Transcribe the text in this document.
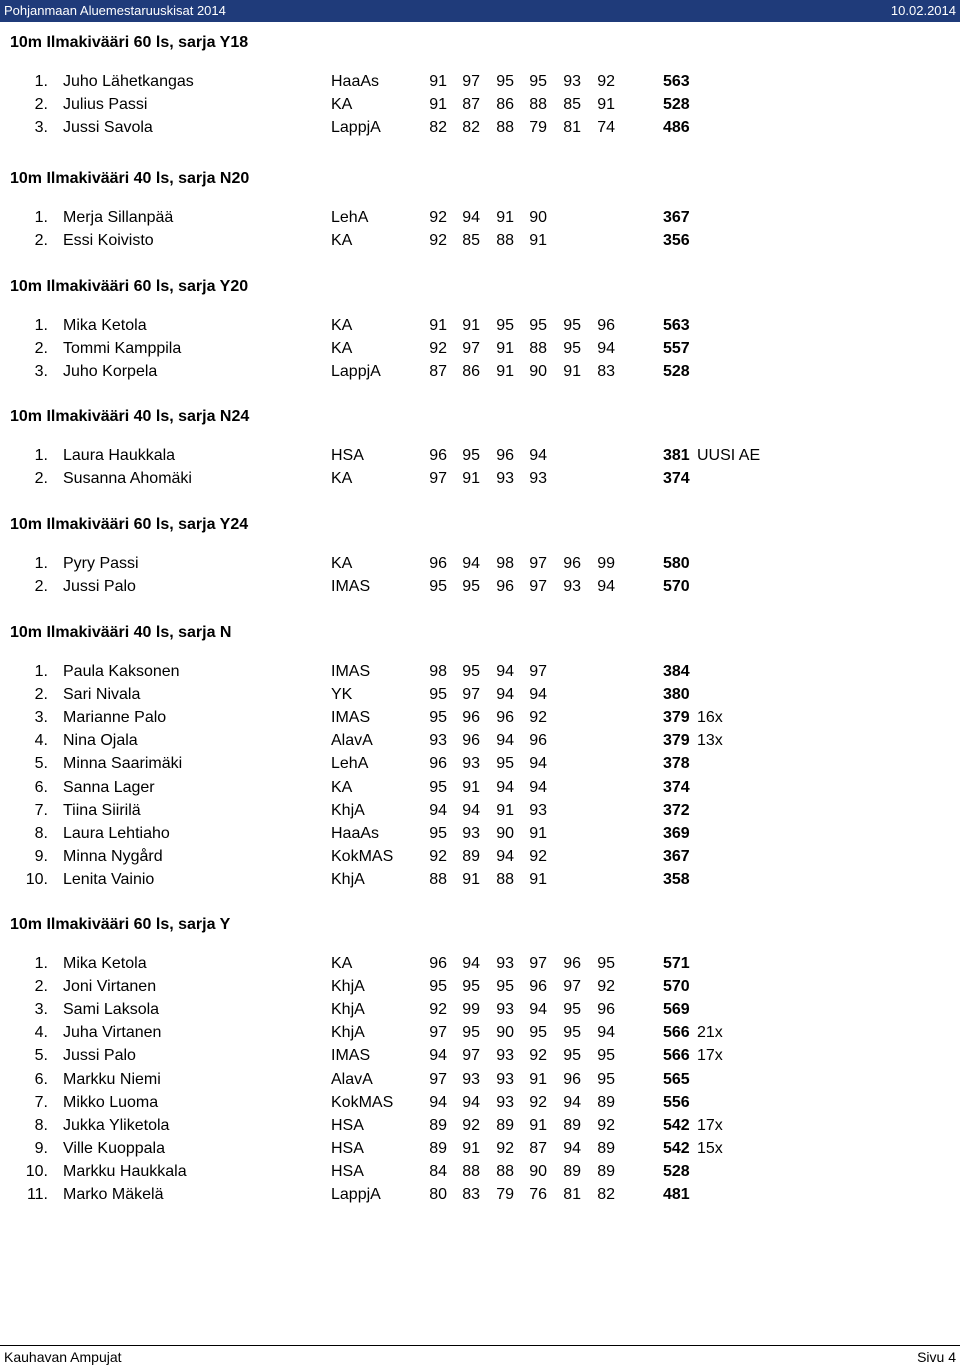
Pohjanmaan Aluemestaruuskisat 2014	10.02.2014
10m Ilmakivääri 60 ls, sarja Y18
1. Juho Lähetkangas	HaaAs	91 97 95 95 93 92	563
2. Julius Passi	KA	91 87 86 88 85 91	528
3. Jussi Savola	LappjA	82 82 88 79 81 74	486
10m Ilmakivääri 40 ls, sarja N20
1. Merja Sillanpää	LehA	92 94 91 90	367
2. Essi Koivisto	KA	92 85 88 91	356
10m Ilmakivääri 60 ls, sarja Y20
1. Mika Ketola	KA	91 91 95 95 95 96	563
2. Tommi Kamppila	KA	92 97 91 88 95 94	557
3. Juho Korpela	LappjA	87 86 91 90 91 83	528
10m Ilmakivääri 40 ls, sarja N24
1. Laura Haukkala	HSA	96 95 96 94	381 UUSI AE
2. Susanna Ahomäki	KA	97 91 93 93	374
10m Ilmakivääri 60 ls, sarja Y24
1. Pyry Passi	KA	96 94 98 97 96 99	580
2. Jussi Palo	IMAS	95 95 96 97 93 94	570
10m Ilmakivääri 40 ls, sarja N
1. Paula Kaksonen	IMAS	98 95 94 97	384
2. Sari Nivala	YK	95 97 94 94	380
3. Marianne Palo	IMAS	95 96 96 92	379 16x
4. Nina Ojala	AlavA	93 96 94 96	379 13x
5. Minna Saarimäki	LehA	96 93 95 94	378
6. Sanna Lager	KA	95 91 94 94	374
7. Tiina Siirilä	KhjA	94 94 91 93	372
8. Laura Lehtiaho	HaaAs	95 93 90 91	369
9. Minna Nygård	KokMAS 92 89 94 92	367
10. Lenita Vainio	KhjA	88 91 88 91	358
10m Ilmakivääri 60 ls, sarja Y
1. Mika Ketola	KA	96 94 93 97 96 95	571
2. Joni Virtanen	KhjA	95 95 95 96 97 92	570
3. Sami Laksola	KhjA	92 99 93 94 95 96	569
4. Juha Virtanen	KhjA	97 95 90 95 95 94	566 21x
5. Jussi Palo	IMAS	94 97 93 92 95 95	566 17x
6. Markku Niemi	AlavA	97 93 93 91 96 95	565
7. Mikko Luoma	KokMAS 94 94 93 92 94 89	556
8. Jukka Yliketola	HSA	89 92 89 91 89 92	542 17x
9. Ville Kuoppala	HSA	89 91 92 87 94 89	542 15x
10. Markku Haukkala	HSA	84 88 88 90 89 89	528
11. Marko Mäkelä	LappjA	80 83 79 76 81 82	481
Kauhavan Ampujat	Sivu 4
